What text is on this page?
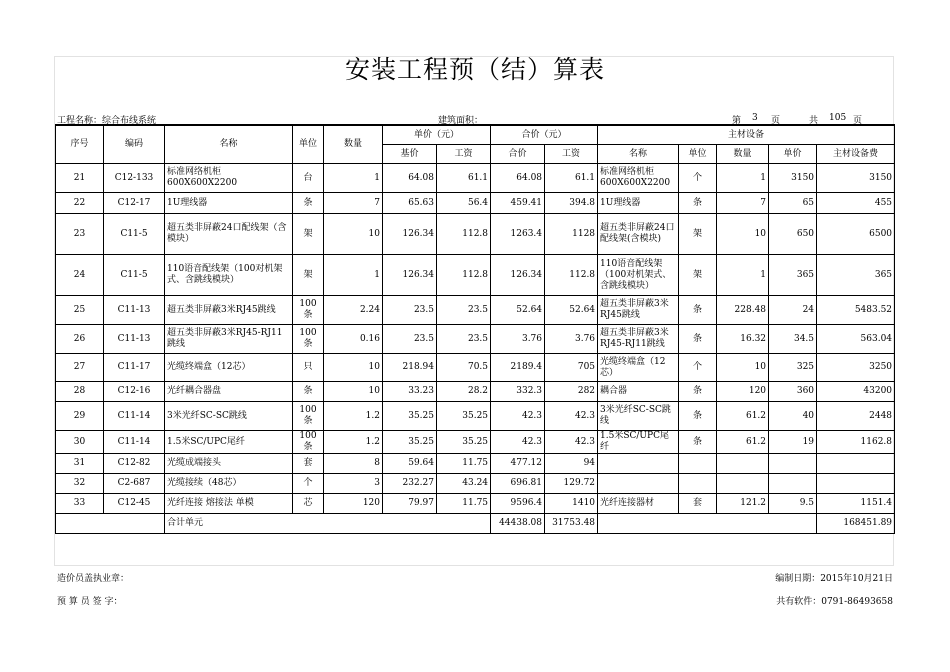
安装工程预（结）算表
工程名称：综合布线系统	建筑面积：	第 3 页	共 105 页
序号	编码	名称	单位	数量	单价（元）		合价（元）		主材设备				
					基价	工资	合价	工资	名称	单位	数量	单价	主材设备费
21	C12-133	标准网络机柜 600X600X2200	台	1	64.08	61.1	64.08	61.1	标准网络机柜 600X600X2200	个	1	3150	3150
22	C12-17	1U理线器	条	7	65.63	56.4	459.41	394.8	1U理线器	条	7	65	455
23	C11-5	超五类非屏蔽24口配线架（含模块）	架	10	126.34	112.8	1263.4	1128	超五类非屏蔽24口配线架(含模块)	架	10	650	6500
24	C11-5	110语音配线架（100对机架式、含跳线模块）	架	1	126.34	112.8	126.34	112.8	110语音配线架（100对机架式、含跳线模块）	架	1	365	365
25	C11-13	超五类非屏蔽3米RJ45跳线	100条	2.24	23.5	23.5	52.64	52.64	超五类非屏蔽3米RJ45跳线	条	228.48	24	5483.52
26	C11-13	超五类非屏蔽3米RJ45-RJ11跳线	100条	0.16	23.5	23.5	3.76	3.76	超五类非屏蔽3米RJ45-RJ11跳线	条	16.32	34.5	563.04
27	C11-17	光缆终端盒（12芯）	只	10	218.94	70.5	2189.4	705	光缆终端盒（12芯）	个	10	325	3250
28	C12-16	光纤耦合器盘	条	10	33.23	28.2	332.3	282	耦合器	条	120	360	43200
29	C11-14	3米光纤SC-SC跳线	100条	1.2	35.25	35.25	42.3	42.3	3米光纤SC-SC跳线	条	61.2	40	2448
30	C11-14	1.5米SC/UPC尾纤	100条	1.2	35.25	35.25	42.3	42.3	1.5米SC/UPC尾纤	条	61.2	19	1162.8
31	C12-82	光缆成端接头	套	8	59.64	11.75	477.12	94					
32	C2-687	光缆接续（48芯）	个	3	232.27	43.24	696.81	129.72					
33	C12-45	光纤连接 熔接法 单模	芯	120	79.97	11.75	9596.4	1410	光纤连接器材	套	121.2	9.5	1151.4
		合计单元					44438.08	31753.48					168451.89
造价员盖执业章：	编制日期：2015年10月21日
预 算 员 签 字：	共有软件：0791-86493658
